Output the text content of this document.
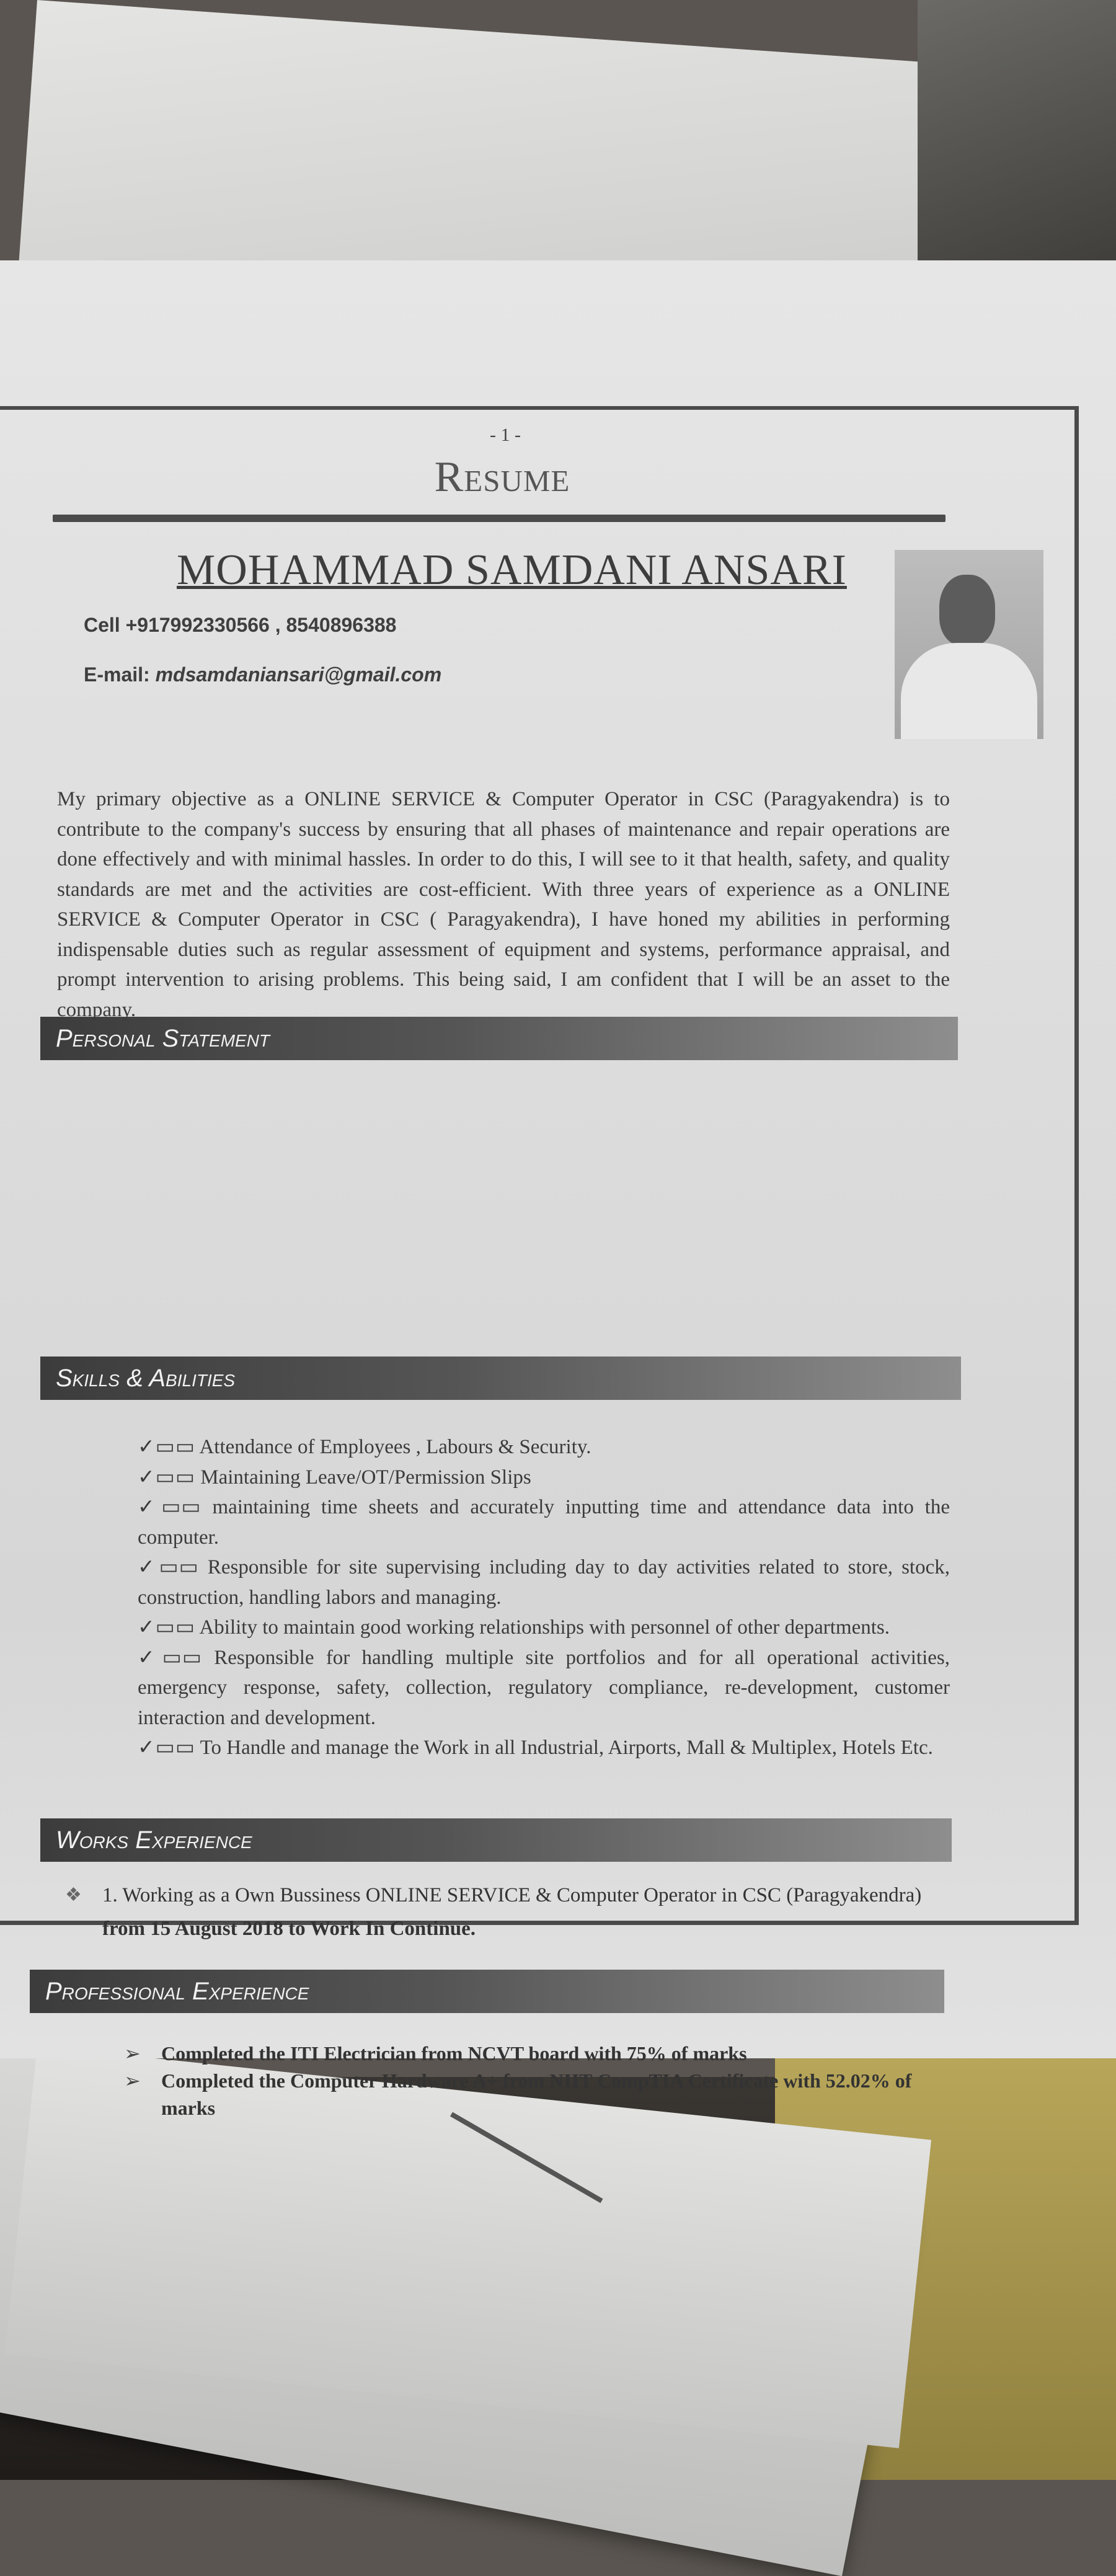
- 1 -
Resume
MOHAMMAD SAMDANI ANSARI
Cell +917992330566 , 8540896388
E-mail: mdsamdaniansari@gmail.com
Personal Statement
My primary objective as a ONLINE SERVICE & Computer Operator in CSC (Paragyakendra) is to contribute to the company's success by ensuring that all phases of maintenance and repair operations are done effectively and with minimal hassles. In order to do this, I will see to it that health, safety, and quality standards are met and the activities are cost-efficient. With three years of experience as a ONLINE SERVICE & Computer Operator in CSC ( Paragyakendra), I have honed my abilities in performing indispensable duties such as regular assessment of equipment and systems, performance appraisal, and prompt intervention to arising problems. This being said, I am confident that I will be an asset to the company.
Skills & Abilities

✓▭▭ Attendance of Employees , Labours & Security.

✓▭▭ Maintaining Leave/OT/Permission Slips

✓▭▭ maintaining time sheets and accurately inputting time and attendance data into the computer.

✓▭▭ Responsible for site supervising including day to day activities related to store, stock, construction, handling labors and managing.

✓▭▭ Ability to maintain good working relationships with personnel of other departments.

✓▭▭ Responsible for handling multiple site portfolios and for all operational activities, emergency response, safety, collection, regulatory compliance, re-development, customer interaction and development.

✓▭▭ To Handle and manage the Work in all Industrial, Airports, Mall & Multiplex, Hotels Etc.

Works Experience
❖ 1. Working as a Own Bussiness ONLINE SERVICE & Computer Operator in CSC (Paragyakendra) from 15 August 2018 to Work In Continue.
Professional Experience
➢ Completed the ITI Electrician from NCVT board with 75% of marks
➢ Completed the Computer Hardware A+ from NIIT CompTIA Certificate with 52.02% of marks
